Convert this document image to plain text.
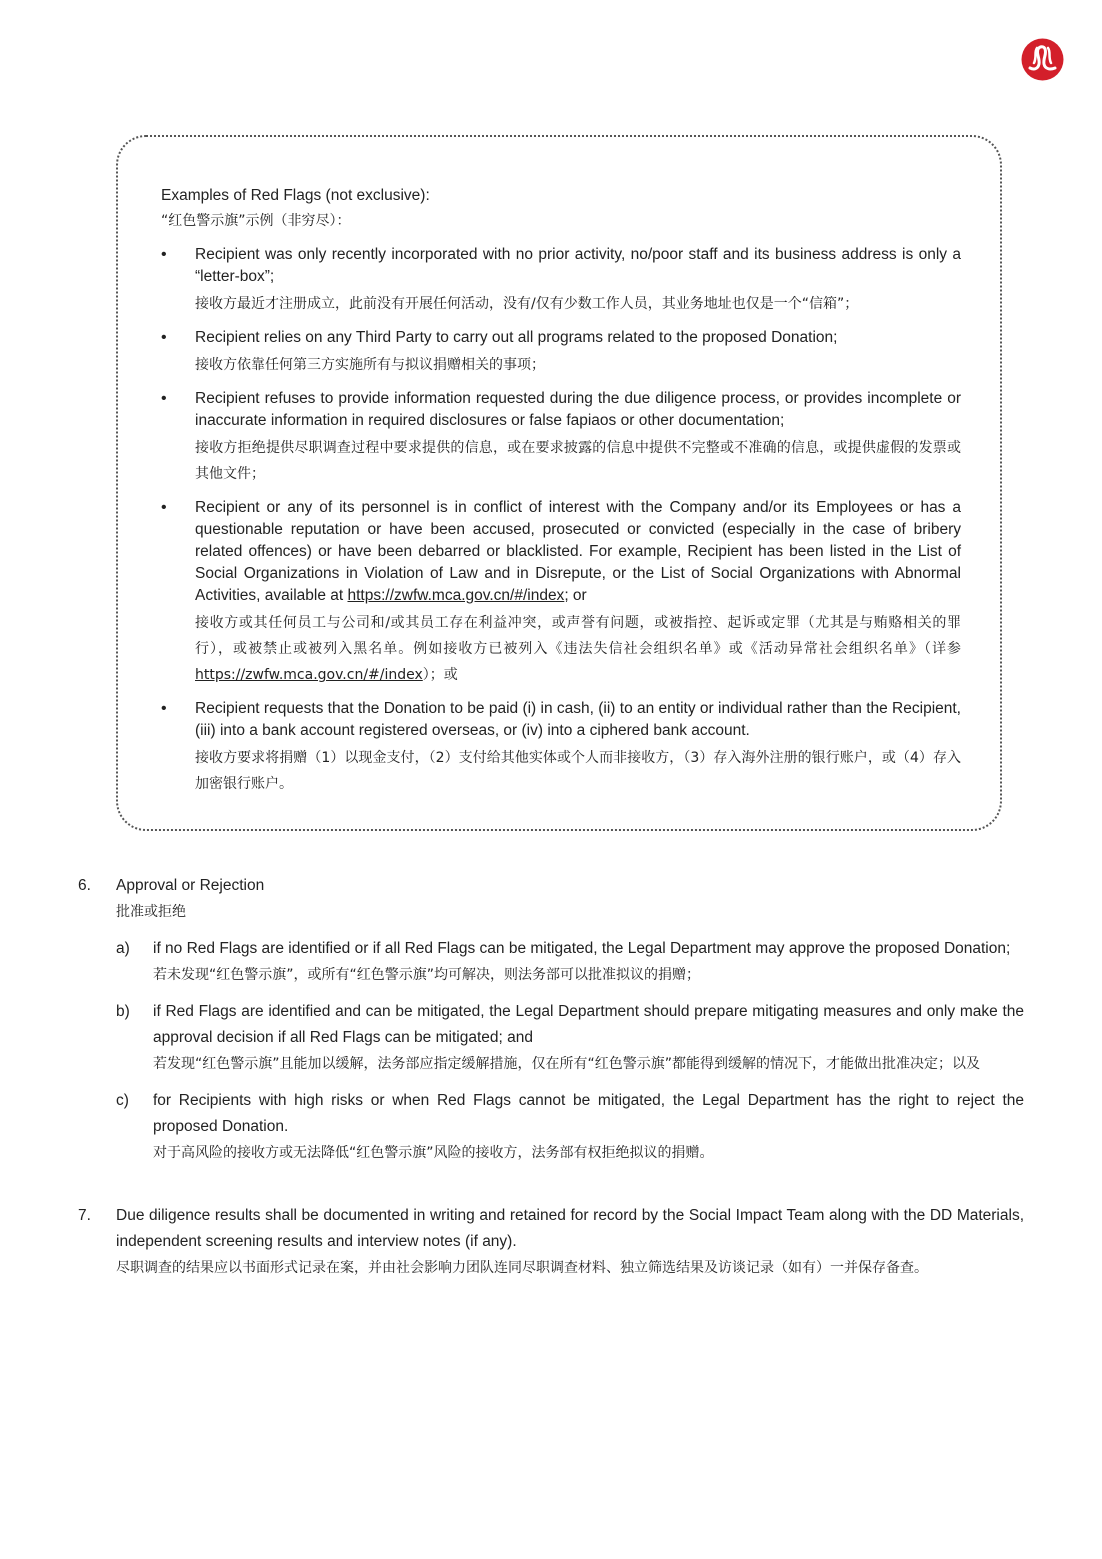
Examples of Red Flags (not exclusive):
“红色警示旗”示例（非穷尽）：
• Recipient was only recently incorporated with no prior activity, no/poor staff and its business address is only a “letter-box”;
接收方最近才注册成立，此前没有开展任何活动，没有/仅有少数工作人员，其业务地址也仅是一个“信箱”；
• Recipient relies on any Third Party to carry out all programs related to the proposed Donation;
接收方依靠任何第三方实施所有与拟议捐赠相关的事项；
• Recipient refuses to provide information requested during the due diligence process, or provides incomplete or inaccurate information in required disclosures or false fapiaos or other documentation;
接收方拒绝提供尽职调查过程中要求提供的信息，或在要求披露的信息中提供不完整或不准确的信息，或提供虚假的发票或其他文件；
• Recipient or any of its personnel is in conflict of interest with the Company and/or its Employees or has a questionable reputation or have been accused, prosecuted or convicted (especially in the case of bribery related offences) or have been debarred or blacklisted. For example, Recipient has been listed in the List of Social Organizations in Violation of Law and in Disrepute, or the List of Social Organizations with Abnormal Activities, available at https://zwfw.mca.gov.cn/#/index; or
接收方或其任何员工与公司和/或其员工存在利益冲突，或声誉有问题，或被指控、起诉或定罪（尤其是与贿赂相关的罪行），或被禁止或被列入黑名单。例如接收方已被列入《违法失信社会组织名单》或《活动异常社会组织名单》（详参https://zwfw.mca.gov.cn/#/index）；或
• Recipient requests that the Donation to be paid (i) in cash, (ii) to an entity or individual rather than the Recipient, (iii) into a bank account registered overseas, or (iv) into a ciphered bank account.
接收方要求将捐赠（1）以现金支付，（2）支付给其他实体或个人而非接收方，（3）存入海外注册的银行账户，或（4）存入加密银行账户。
6. Approval or Rejection
批准或拒绝
a) if no Red Flags are identified or if all Red Flags can be mitigated, the Legal Department may approve the proposed Donation;
若未发现“红色警示旗”，或所有“红色警示旗”均可解决，则法务部可以批准拟议的捐赠；
b) if Red Flags are identified and can be mitigated, the Legal Department should prepare mitigating measures and only make the approval decision if all Red Flags can be mitigated; and
若发现“红色警示旗”且能加以缓解，法务部应指定缓解措施，仅在所有“红色警示旗”都能得到缓解的情况下，才能做出批准决定；以及
c) for Recipients with high risks or when Red Flags cannot be mitigated, the Legal Department has the right to reject the proposed Donation.
对于高风险的接收方或无法降低“红色警示旗”风险的接收方，法务部有权拒绝拟议的捐赠。
7. Due diligence results shall be documented in writing and retained for record by the Social Impact Team along with the DD Materials, independent screening results and interview notes (if any).
尽职调查的结果应以书面形式记录在案，并由社会影响力团队连同尽职调查材料、独立筛选结果及访谈记录（如有）一并保存备查。
